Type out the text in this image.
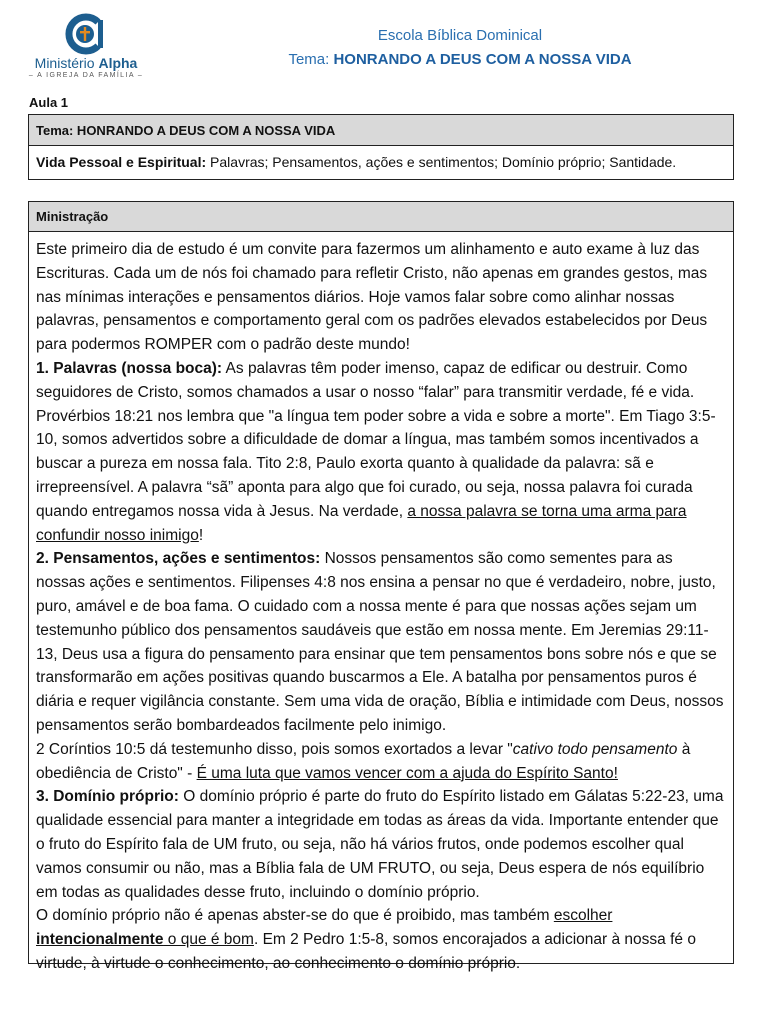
Ministério Alpha
– A IGREJA DA FAMÍLIA –
Escola Bíblica Dominical
Tema: HONRANDO A DEUS COM A NOSSA VIDA
Aula 1
Tema: HONRANDO A DEUS COM A NOSSA VIDA
Vida Pessoal e Espiritual: Palavras; Pensamentos, ações e sentimentos; Domínio próprio; Santidade.
Ministração

Este primeiro dia de estudo é um convite para fazermos um alinhamento e auto exame à luz das Escrituras. Cada um de nós foi chamado para refletir Cristo, não apenas em grandes gestos, mas nas mínimas interações e pensamentos diários. Hoje vamos falar sobre como alinhar nossas palavras, pensamentos e comportamento geral com os padrões elevados estabelecidos por Deus para podermos ROMPER com o padrão deste mundo!

1. Palavras (nossa boca): As palavras têm poder imenso, capaz de edificar ou destruir. Como seguidores de Cristo, somos chamados a usar o nosso “falar” para transmitir verdade, fé e vida. Provérbios 18:21 nos lembra que "a língua tem poder sobre a vida e sobre a morte". Em Tiago 3:5-10, somos advertidos sobre a dificuldade de domar a língua, mas também somos incentivados a buscar a pureza em nossa fala. Tito 2:8, Paulo exorta quanto à qualidade da palavra: sã e irrepreensível. A palavra “sã” aponta para algo que foi curado, ou seja, nossa palavra foi curada quando entregamos nossa vida à Jesus. Na verdade, a nossa palavra se torna uma arma para confundir nosso inimigo!

2. Pensamentos, ações e sentimentos: Nossos pensamentos são como sementes para as nossas ações e sentimentos. Filipenses 4:8 nos ensina a pensar no que é verdadeiro, nobre, justo, puro, amável e de boa fama. O cuidado com a nossa mente é para que nossas ações sejam um testemunho público dos pensamentos saudáveis que estão em nossa mente. Em Jeremias 29:11-13, Deus usa a figura do pensamento para ensinar que tem pensamentos bons sobre nós e que se transformarão em ações positivas quando buscarmos a Ele. A batalha por pensamentos puros é diária e requer vigilância constante. Sem uma vida de oração, Bíblia e intimidade com Deus, nossos pensamentos serão bombardeados facilmente pelo inimigo.

2 Coríntios 10:5 dá testemunho disso, pois somos exortados a levar "cativo todo pensamento à obediência de Cristo" - É uma luta que vamos vencer com a ajuda do Espírito Santo!

3. Domínio próprio: O domínio próprio é parte do fruto do Espírito listado em Gálatas 5:22-23, uma qualidade essencial para manter a integridade em todas as áreas da vida. Importante entender que o fruto do Espírito fala de UM fruto, ou seja, não há vários frutos, onde podemos escolher qual vamos consumir ou não, mas a Bíblia fala de UM FRUTO, ou seja, Deus espera de nós equilíbrio em todas as qualidades desse fruto, incluindo o domínio próprio.

O domínio próprio não é apenas abster-se do que é proibido, mas também escolher intencionalmente o que é bom. Em 2 Pedro 1:5-8, somos encorajados a adicionar à nossa fé o virtude, à virtude o conhecimento, ao conhecimento o domínio próprio.
